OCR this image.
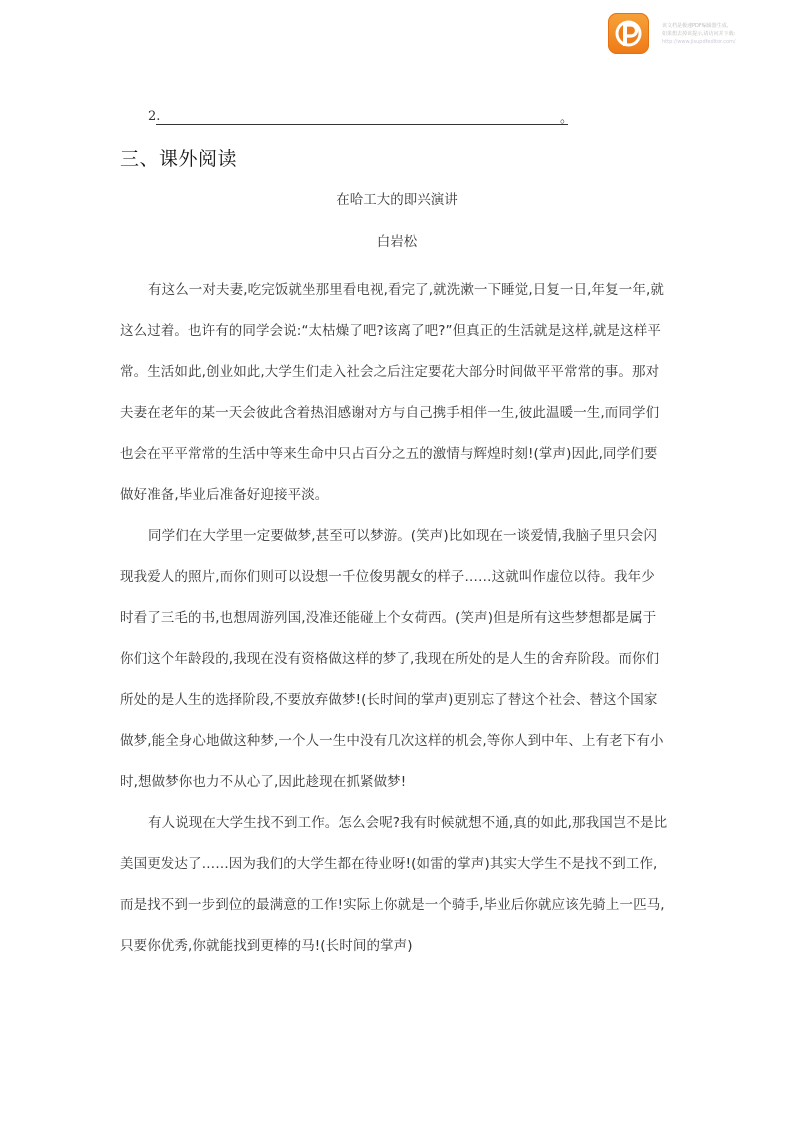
该文档是极速PDF编辑器生成,
如果想去掉该提示,请访问并下载:
http://www.jisupdfeditor.com/
2.	。
三、课外阅读
在哈工大的即兴演讲
白岩松

有这么一对夫妻,吃完饭就坐那里看电视,看完了,就洗漱一下睡觉,日复一日,年复一年,就
这么过着。也许有的同学会说:“太枯燥了吧?该离了吧?”但真正的生活就是这样,就是这样平
常。生活如此,创业如此,大学生们走入社会之后注定要花大部分时间做平平常常的事。那对
夫妻在老年的某一天会彼此含着热泪感谢对方与自己携手相伴一生,彼此温暖一生,而同学们
也会在平平常常的生活中等来生命中只占百分之五的激情与辉煌时刻!(掌声)因此,同学们要
做好准备,毕业后准备好迎接平淡。

同学们在大学里一定要做梦,甚至可以梦游。(笑声)比如现在一谈爱情,我脑子里只会闪
现我爱人的照片,而你们则可以设想一千位俊男靓女的样子……这就叫作虚位以待。我年少
时看了三毛的书,也想周游列国,没准还能碰上个女荷西。(笑声)但是所有这些梦想都是属于
你们这个年龄段的,我现在没有资格做这样的梦了,我现在所处的是人生的舍弃阶段。而你们
所处的是人生的选择阶段,不要放弃做梦!(长时间的掌声)更别忘了替这个社会、替这个国家
做梦,能全身心地做这种梦,一个人一生中没有几次这样的机会,等你人到中年、上有老下有小
时,想做梦你也力不从心了,因此趁现在抓紧做梦!

有人说现在大学生找不到工作。怎么会呢?我有时候就想不通,真的如此,那我国岂不是比
美国更发达了……因为我们的大学生都在待业呀!(如雷的掌声)其实大学生不是找不到工作,
而是找不到一步到位的最满意的工作!实际上你就是一个骑手,毕业后你就应该先骑上一匹马,
只要你优秀,你就能找到更棒的马!(长时间的掌声)
